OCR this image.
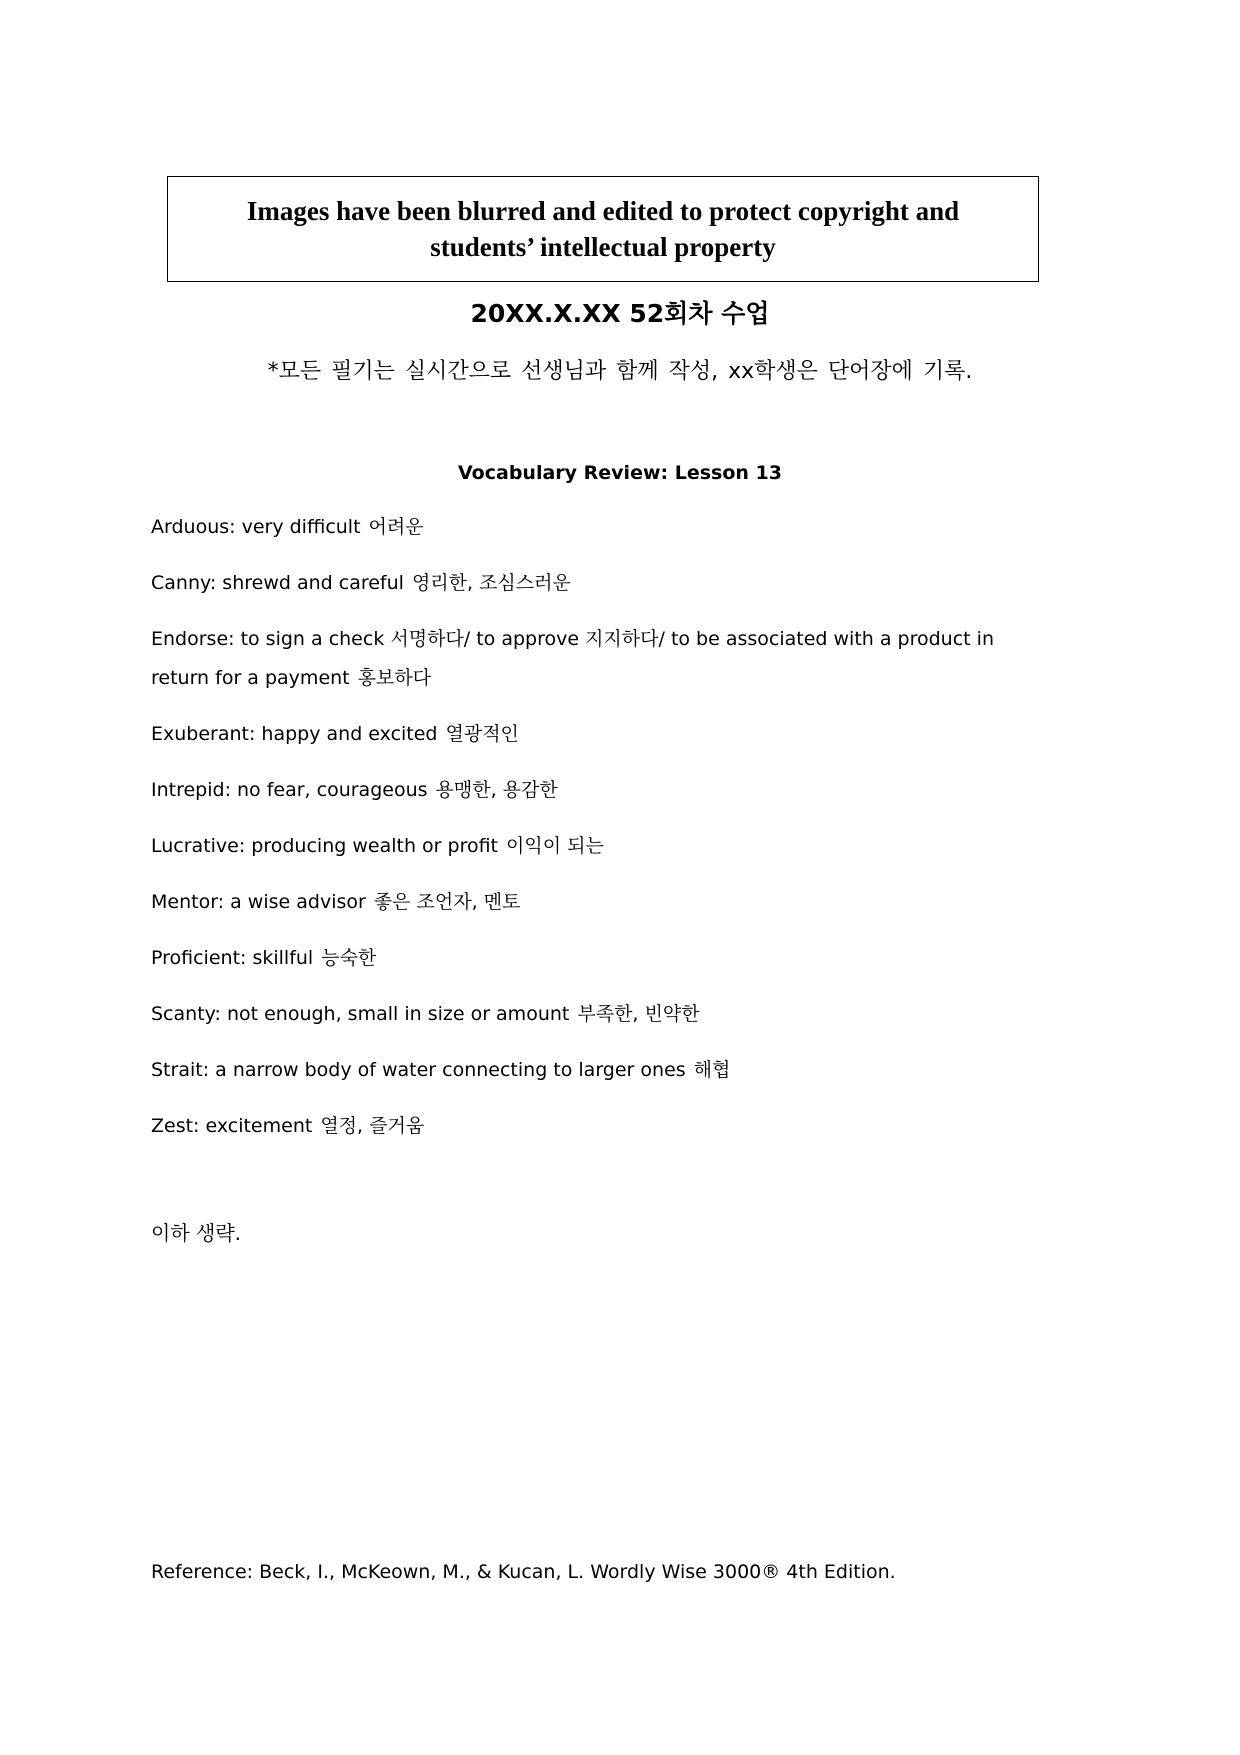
Images have been blurred and edited to protect copyright and
students’ intellectual property
20XX.X.XX 52회차 수업
*모든 필기는 실시간으로 선생님과 함께 작성, xx학생은 단어장에 기록.
Vocabulary Review: Lesson 13
Arduous: very difficult 어려운
Canny: shrewd and careful 영리한, 조심스러운
Endorse: to sign a check 서명하다/ to approve 지지하다/ to be associated with a product in return for a payment 홍보하다
Exuberant: happy and excited 열광적인
Intrepid: no fear, courageous 용맹한, 용감한
Lucrative: producing wealth or profit 이익이 되는
Mentor: a wise advisor 좋은 조언자, 멘토
Proficient: skillful 능숙한
Scanty: not enough, small in size or amount 부족한, 빈약한
Strait: a narrow body of water connecting to larger ones 해협
Zest: excitement 열정, 즐거움
이하 생략.
Reference: Beck, I., McKeown, M., & Kucan, L. Wordly Wise 3000® 4th Edition.
